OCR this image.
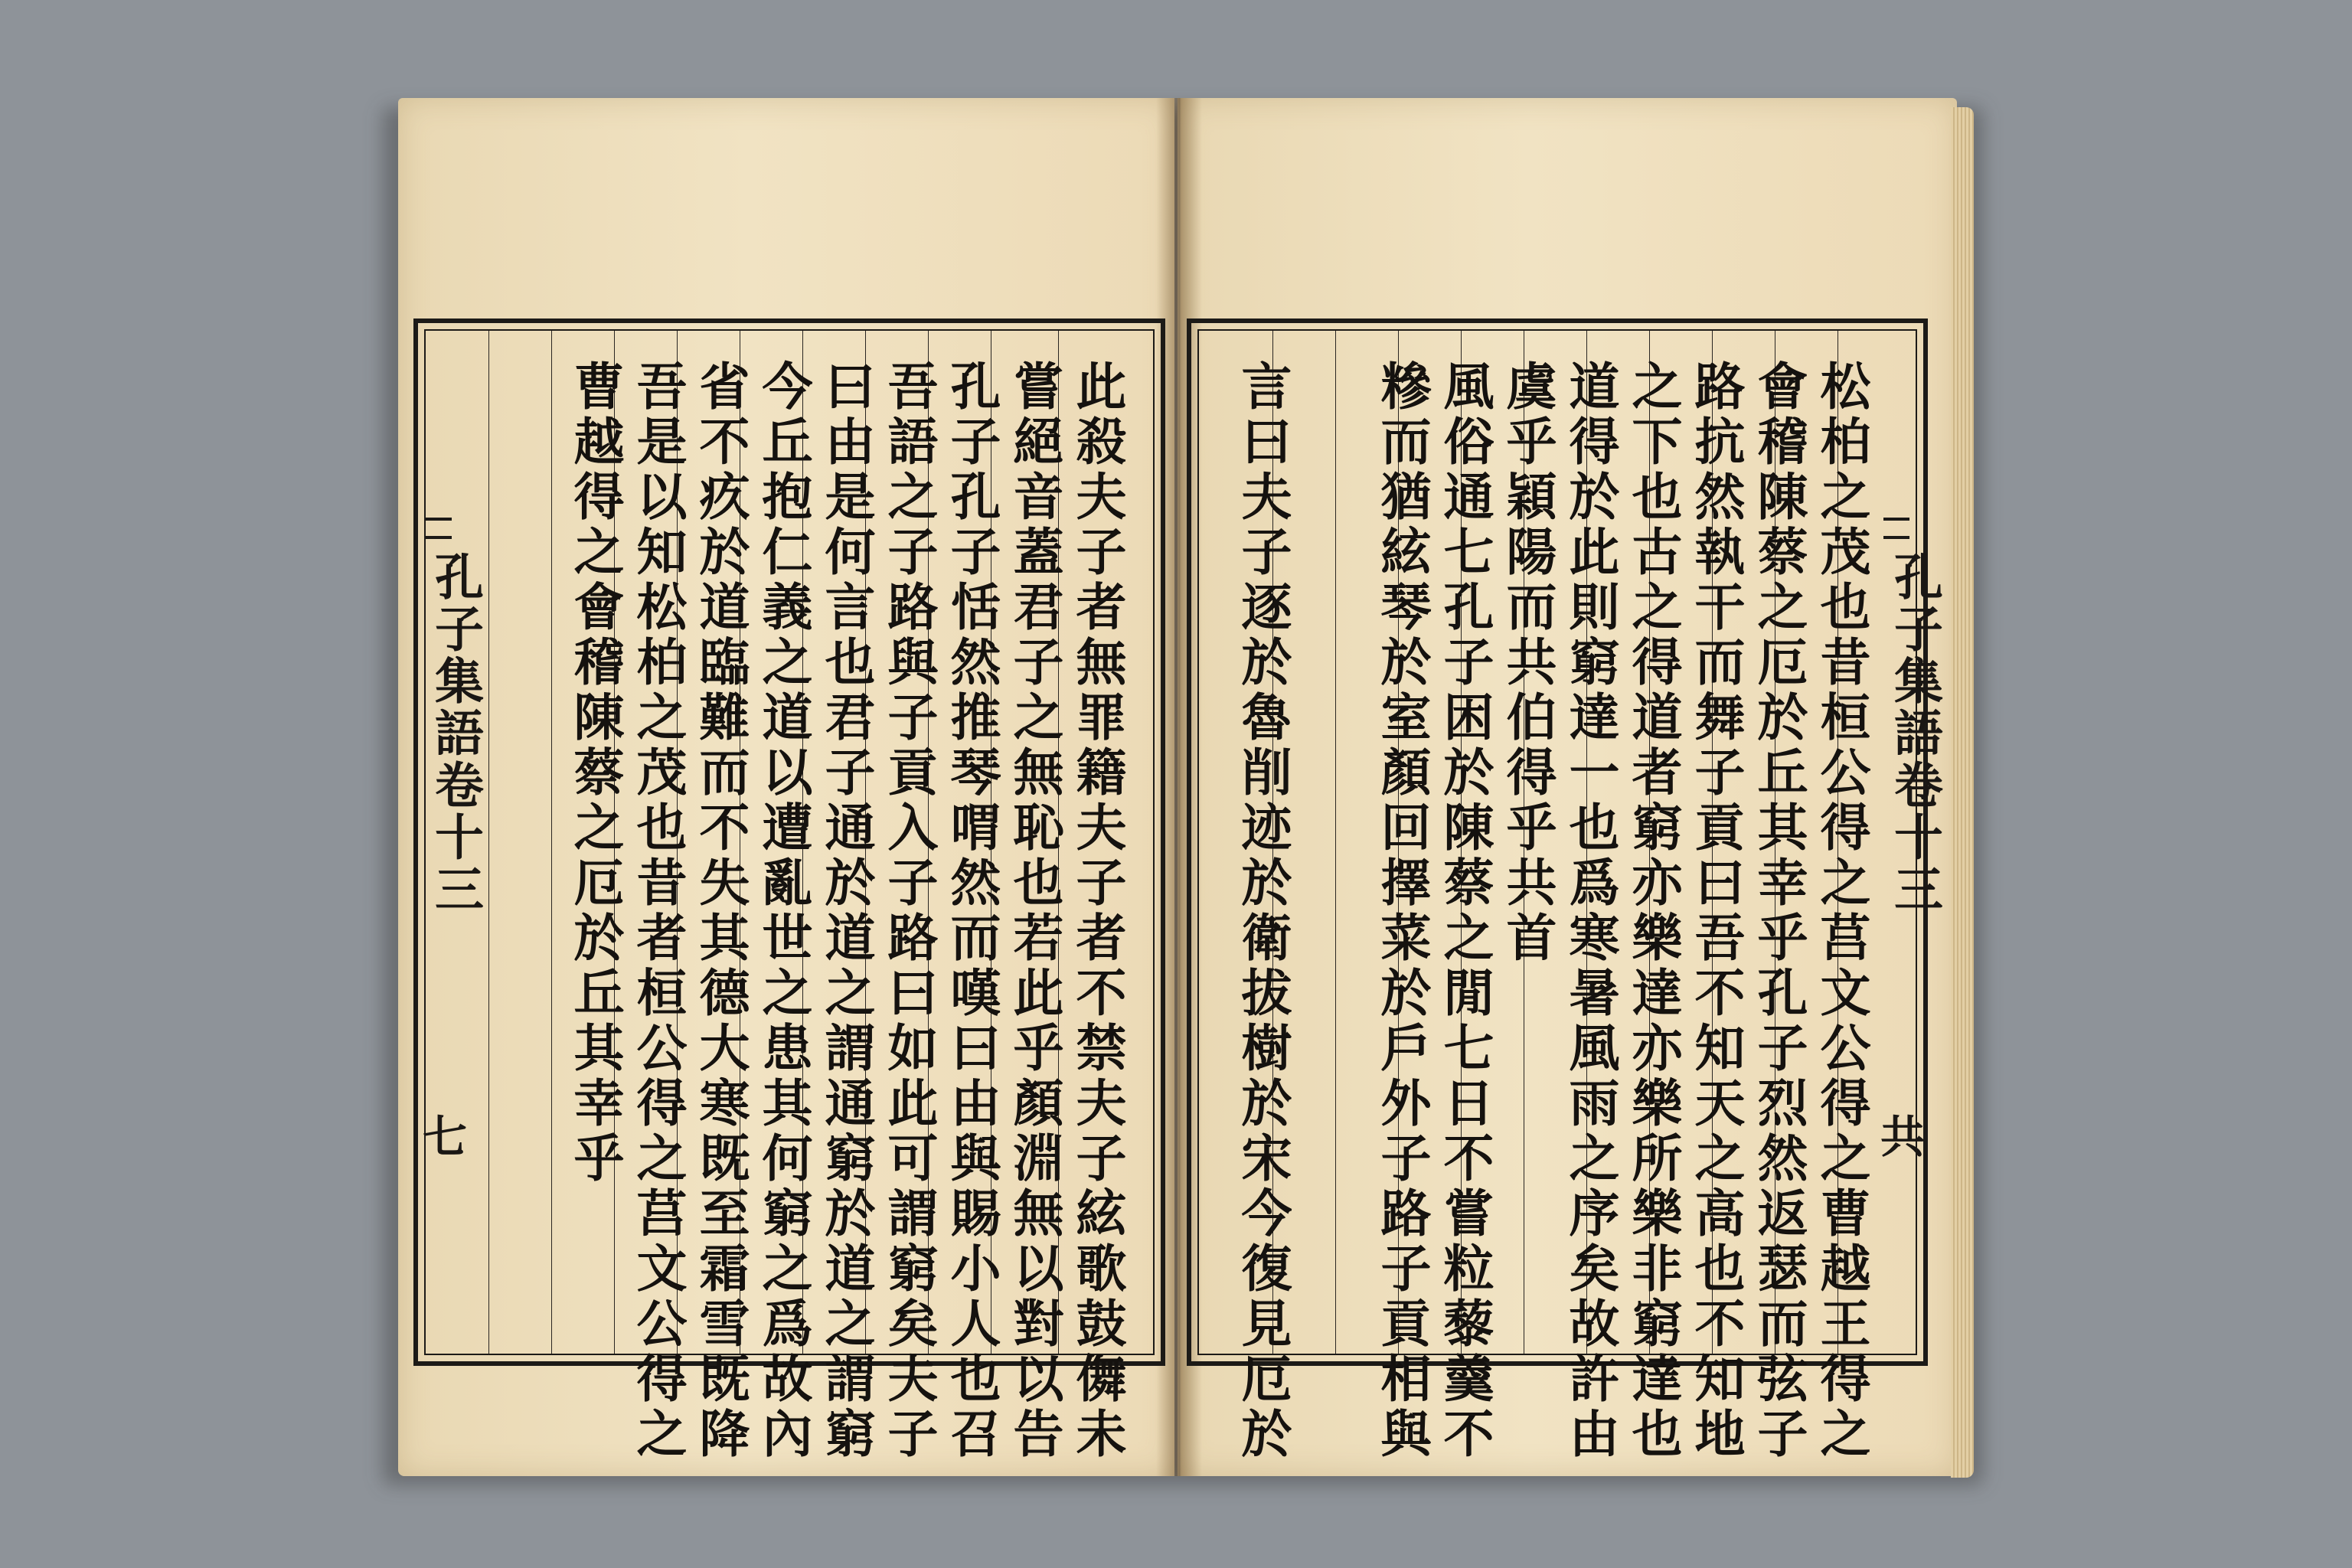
孔子集語卷十三
七	此殺夫子者無罪籍夫子者不禁夫子絃歌鼓儛未
嘗絕音蓋君子之無恥也若此乎顏淵無以對以告
孔子孔子恬然推琴喟然而嘆曰由與賜小人也召
吾語之子路與子貢入子路曰如此可謂窮矣夫子
曰由是何言也君子通於道之謂通窮於道之謂窮
今丘抱仁義之道以遭亂世之患其何窮之爲故內
省不疚於道臨難而不失其德大寒既至霜雪既降
吾是以知松柏之茂也昔者桓公得之莒文公得之
曹越得之會稽陳蔡之厄於丘其幸乎	孔子集語卷十三
共
松柏之茂也昔桓公得之莒文公得之曹越王得之
會稽陳蔡之厄於丘其幸乎孔子烈然返瑟而弦子
路抗然執干而舞子貢曰吾不知天之高也不知地
之下也古之得道者窮亦樂達亦樂所樂非窮達也
道得於此則窮達一也爲寒暑風雨之序矣故許由
虞乎穎陽而共伯得乎共首
風俗通七孔子困於陳蔡之閒七日不嘗粒藜羹不
糝而猶絃琴於室顏回擇菜於戶外子路子貢相與
言曰夫子逐於魯削迹於衛拔樹於宋今復見厄於
